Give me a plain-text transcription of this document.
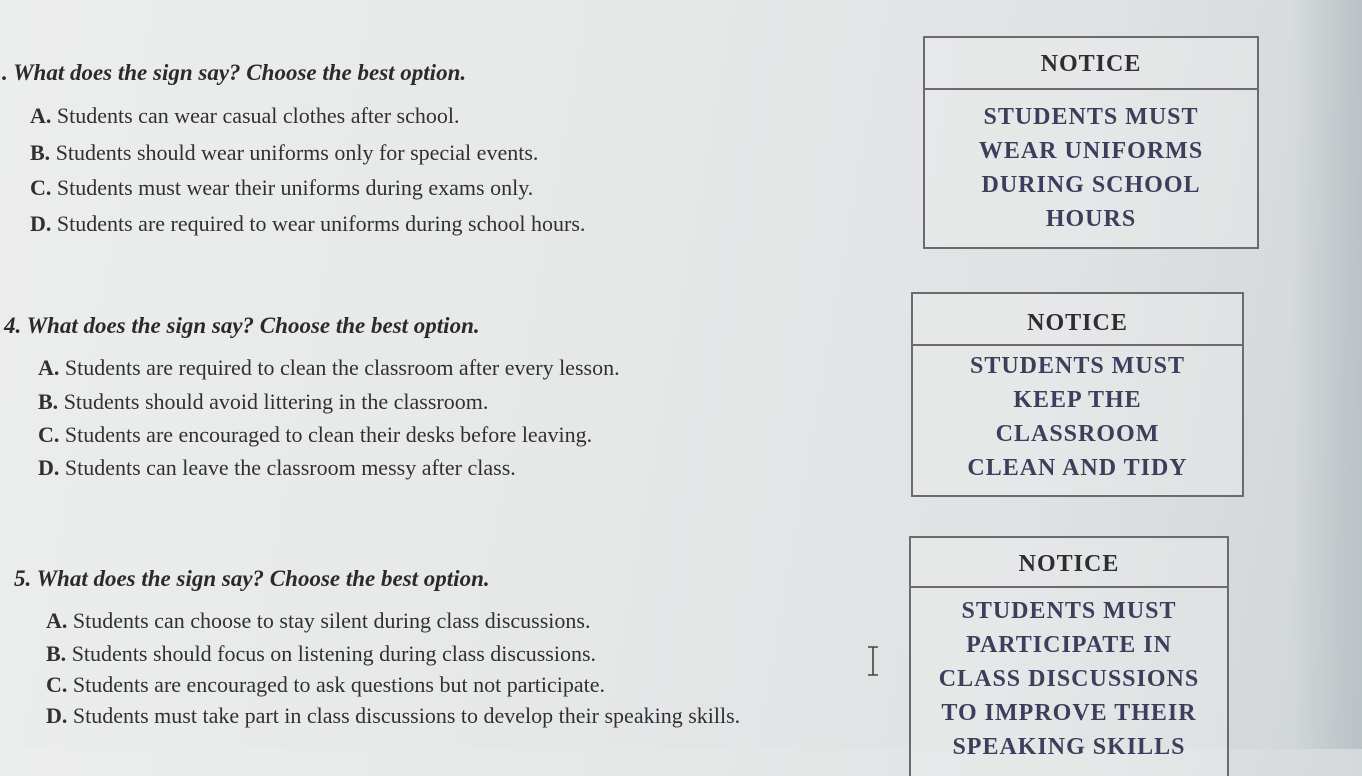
. What does the sign say? Choose the best option.
A. Students can wear casual clothes after school.
B. Students should wear uniforms only for special events.
C. Students must wear their uniforms during exams only.
D. Students are required to wear uniforms during school hours.
NOTICE
STUDENTS MUST
WEAR UNIFORMS
DURING SCHOOL
HOURS
4. What does the sign say? Choose the best option.
A. Students are required to clean the classroom after every lesson.
B. Students should avoid littering in the classroom.
C. Students are encouraged to clean their desks before leaving.
D. Students can leave the classroom messy after class.
NOTICE
STUDENTS MUST
KEEP THE
CLASSROOM
CLEAN AND TIDY
5. What does the sign say? Choose the best option.
A. Students can choose to stay silent during class discussions.
B. Students should focus on listening during class discussions.
C. Students are encouraged to ask questions but not participate.
D. Students must take part in class discussions to develop their speaking skills.
NOTICE
STUDENTS MUST
PARTICIPATE IN
CLASS DISCUSSIONS
TO IMPROVE THEIR
SPEAKING SKILLS
